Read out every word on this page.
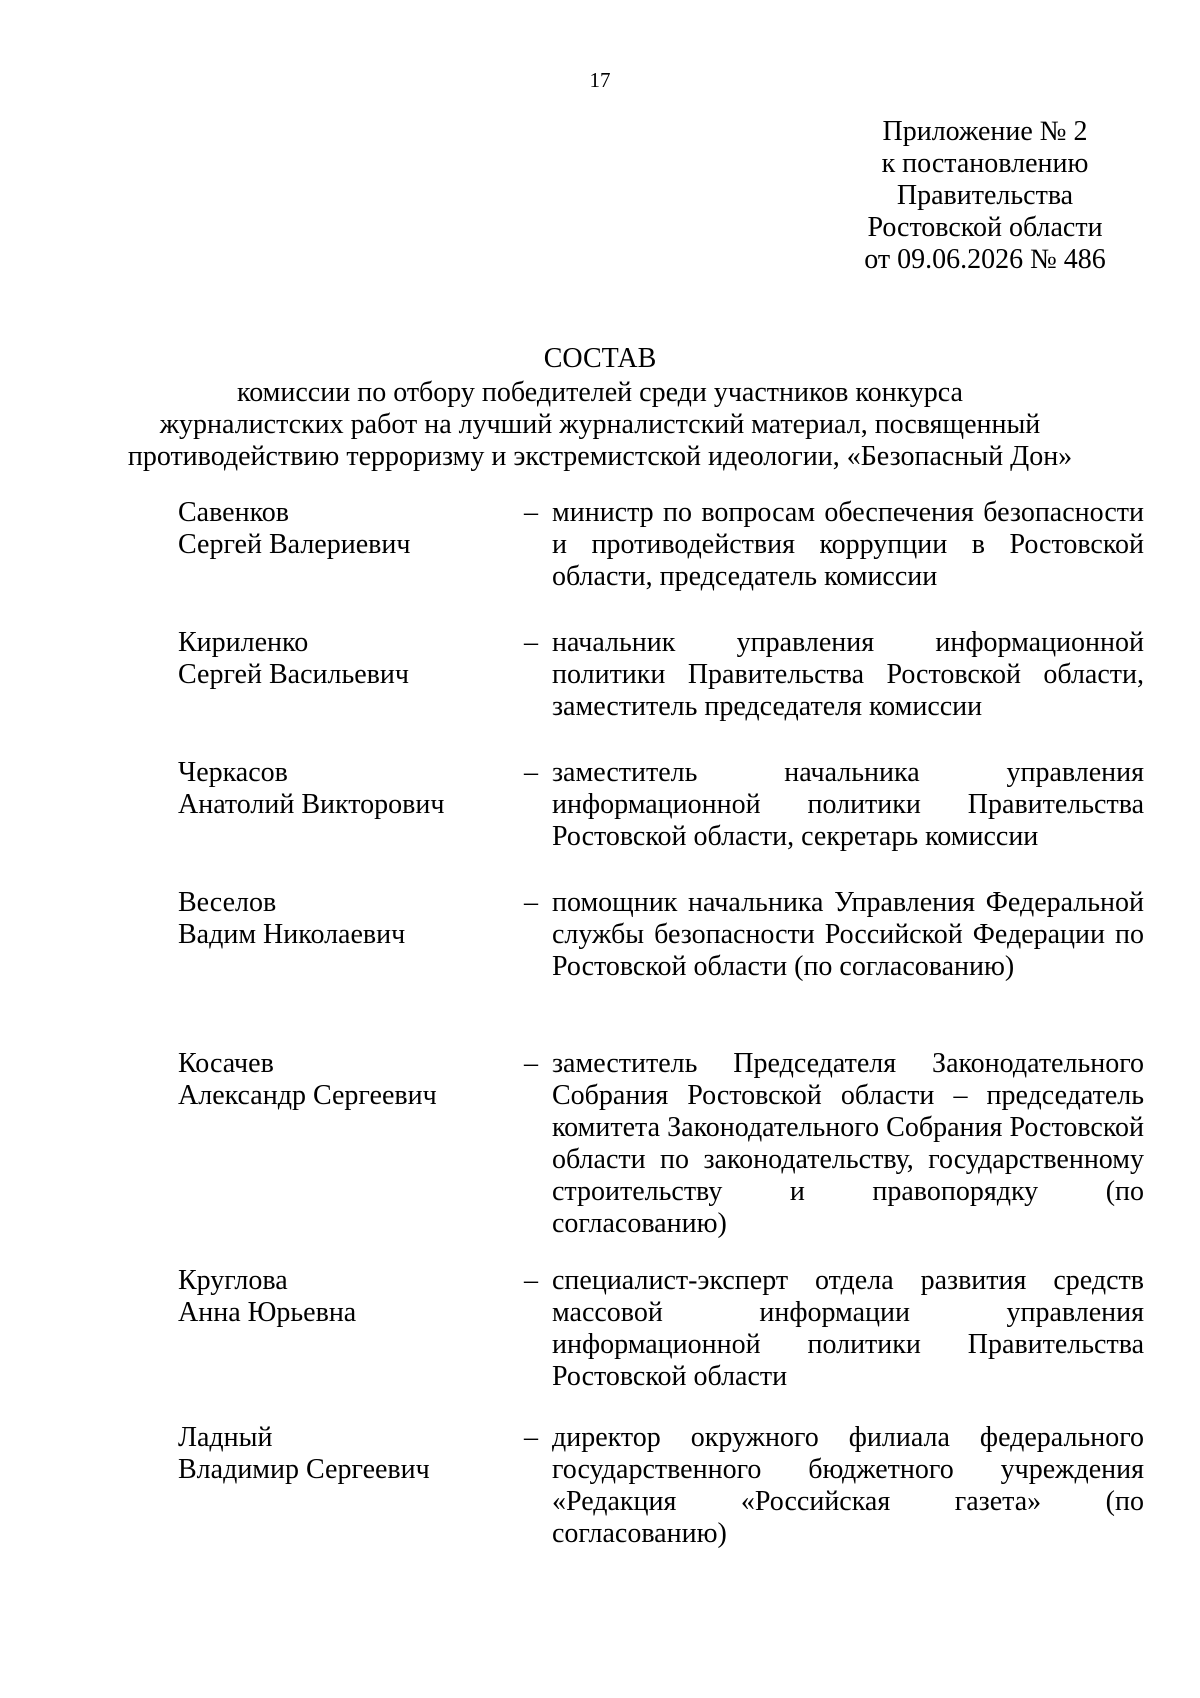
17
Приложение № 2
к постановлению
Правительства
Ростовской области
от 09.06.2026 № 486
СОСТАВ
комиссии по отбору победителей среди участников конкурса
журналистских работ на лучший журналистский материал, посвященный
противодействию терроризму и экстремистской идеологии, «Безопасный Дон»
Савенков
Сергей Валериевич
– министр по вопросам обеспечения безопасности и противодействия коррупции в Ростовской области, председатель комиссии
Кириленко
Сергей Васильевич
– начальник управления информационной политики Правительства Ростовской области, заместитель председателя комиссии
Черкасов
Анатолий Викторович
– заместитель начальника управления информационной политики Правительства Ростовской области, секретарь комиссии
Веселов
Вадим Николаевич
– помощник начальника Управления Федеральной службы безопасности Российской Федерации по Ростовской области (по согласованию)
Косачев
Александр Сергеевич
– заместитель Председателя Законодательного Собрания Ростовской области – председатель комитета Законодательного Собрания Ростовской области по законодательству, государственному строительству и правопорядку (по согласованию)
Круглова
Анна Юрьевна
– специалист-эксперт отдела развития средств массовой информации управления информационной политики Правительства Ростовской области
Ладный
Владимир Сергеевич
– директор окружного филиала федерального государственного бюджетного учреждения «Редакция «Российская газета» (по согласованию)
